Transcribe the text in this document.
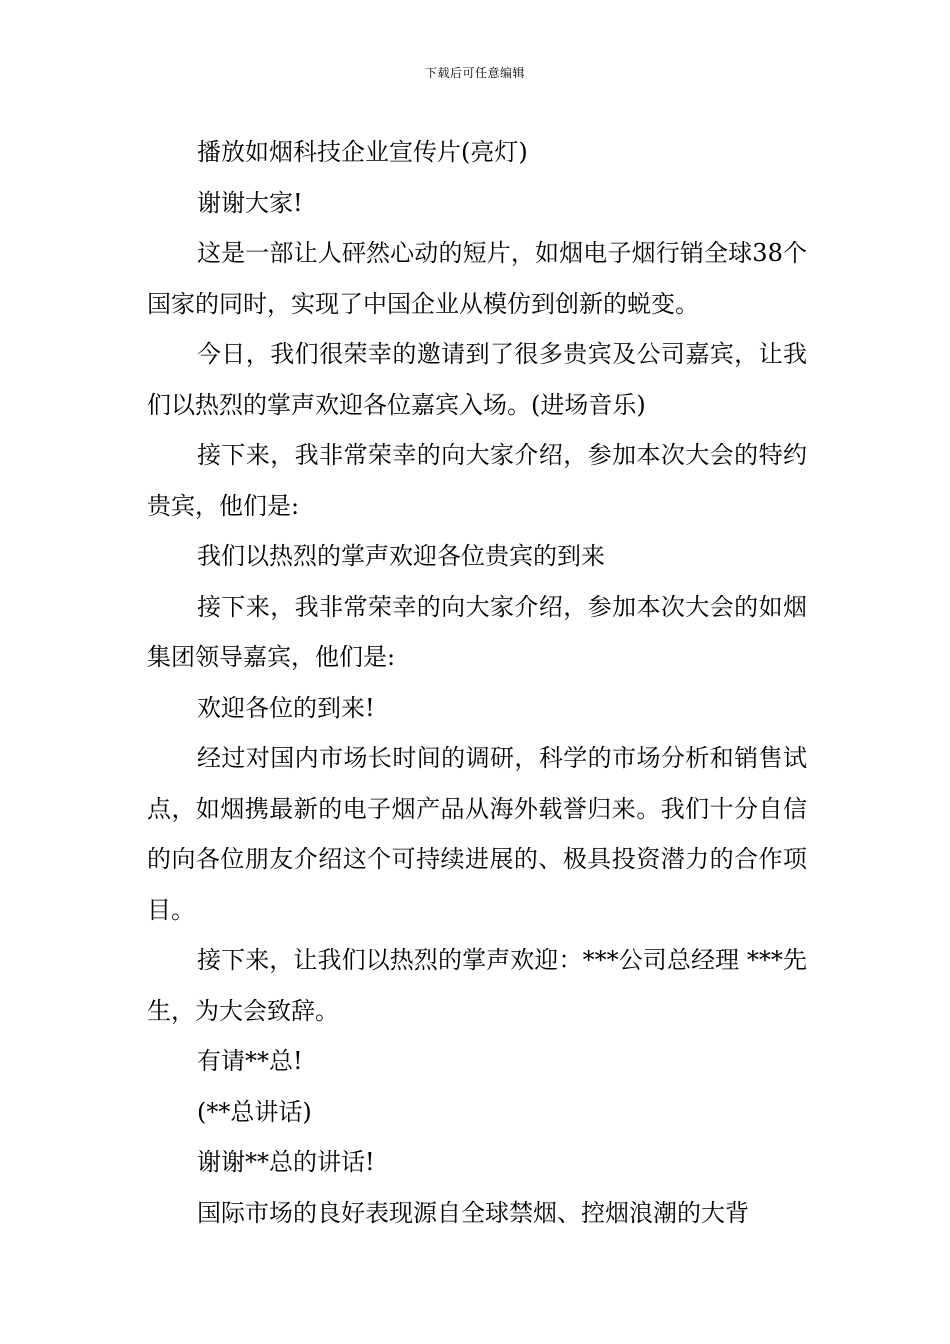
下载后可任意编辑

播放如烟科技企业宣传片(亮灯)

谢谢大家!

这是一部让人砰然心动的短片，如烟电子烟行销全球38个国家的同时，实现了中国企业从模仿到创新的蜕变。

今日，我们很荣幸的邀请到了很多贵宾及公司嘉宾，让我们以热烈的掌声欢迎各位嘉宾入场。(进场音乐)

接下来，我非常荣幸的向大家介绍，参加本次大会的特约贵宾，他们是:

我们以热烈的掌声欢迎各位贵宾的到来

接下来，我非常荣幸的向大家介绍，参加本次大会的如烟集团领导嘉宾，他们是:

欢迎各位的到来!

经过对国内市场长时间的调研，科学的市场分析和销售试点，如烟携最新的电子烟产品从海外载誉归来。我们十分自信的向各位朋友介绍这个可持续进展的、极具投资潜力的合作项目。

接下来，让我们以热烈的掌声欢迎：***公司总经理 ***先生，为大会致辞。

有请**总!

(**总讲话)

谢谢**总的讲话!

国际市场的良好表现源自全球禁烟、控烟浪潮的大背
